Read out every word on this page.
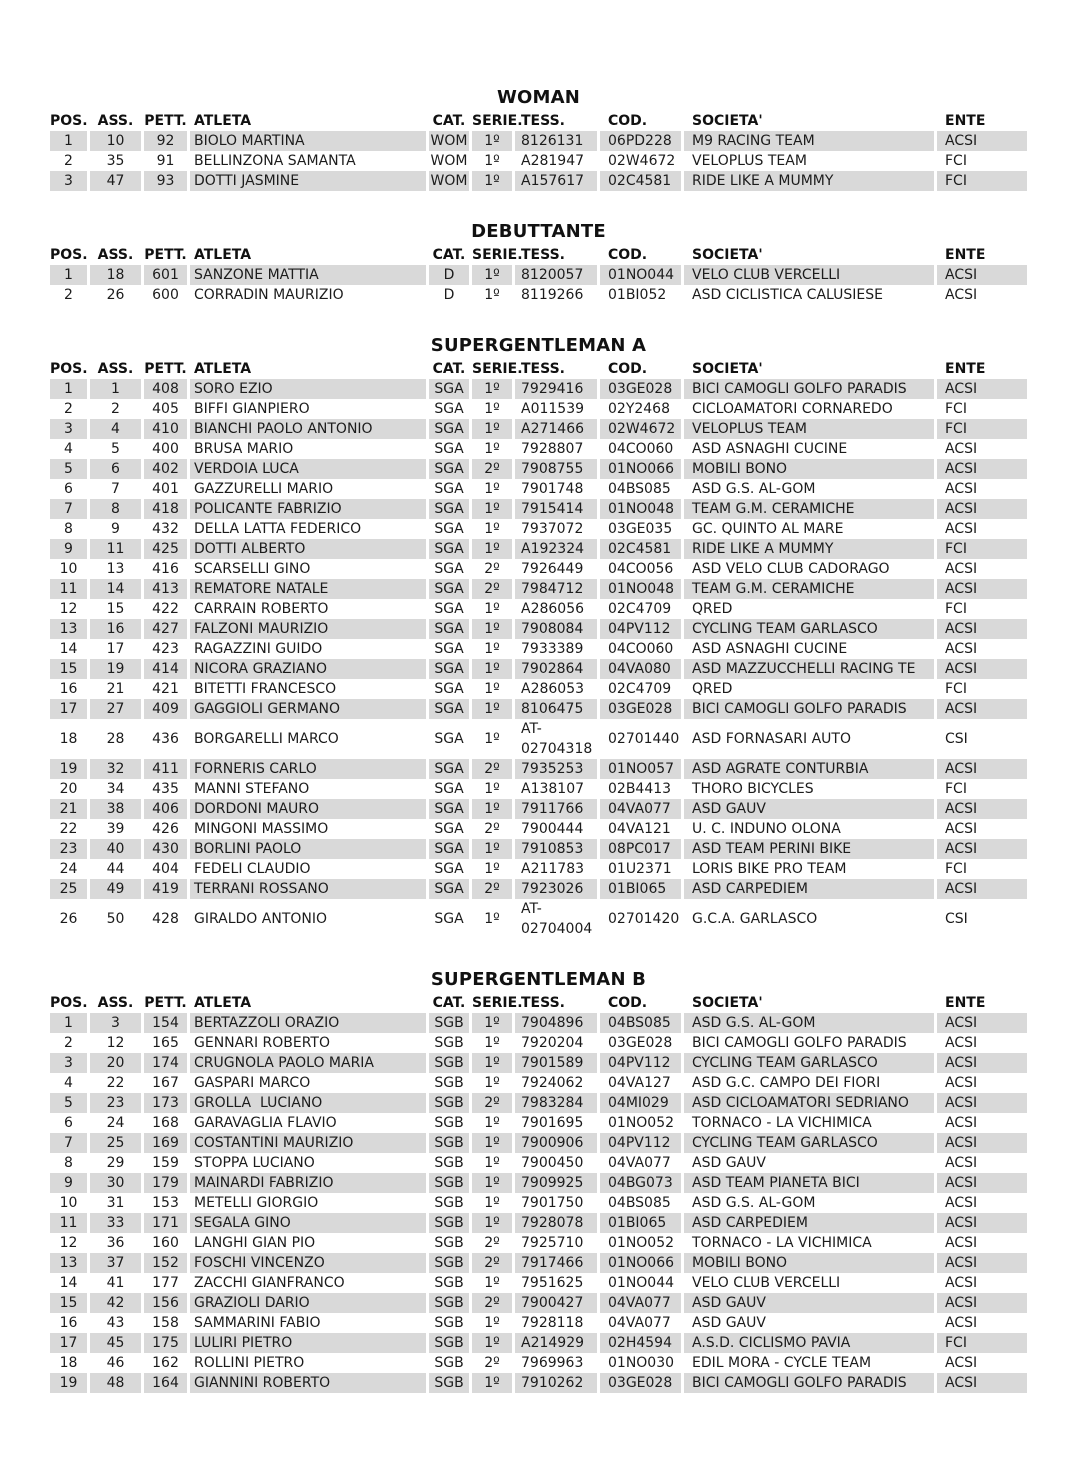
WOMAN
POS.	ASS.	PETT.	ATLETA	CAT.	SERIE.	TESS.	COD.	SOCIETA'	ENTE
1	10	92	BIOLO MARTINA	WOM	1º	8126131	06PD228	M9 RACING TEAM	ACSI
2	35	91	BELLINZONA SAMANTA	WOM	1º	A281947	02W4672	VELOPLUS TEAM	FCI
3	47	93	DOTTI JASMINE	WOM	1º	A157617	02C4581	RIDE LIKE A MUMMY	FCI
DEBUTTANTE
POS.	ASS.	PETT.	ATLETA	CAT.	SERIE.	TESS.	COD.	SOCIETA'	ENTE
1	18	601	SANZONE MATTIA	D	1º	8120057	01NO044	VELO CLUB VERCELLI	ACSI
2	26	600	CORRADIN MAURIZIO	D	1º	8119266	01BI052	ASD CICLISTICA CALUSIESE	ACSI
SUPERGENTLEMAN A
POS.	ASS.	PETT.	ATLETA	CAT.	SERIE.	TESS.	COD.	SOCIETA'	ENTE
1	1	408	SORO EZIO	SGA	1º	7929416	03GE028	BICI CAMOGLI GOLFO PARADIS	ACSI
2	2	405	BIFFI GIANPIERO	SGA	1º	A011539	02Y2468	CICLOAMATORI CORNAREDO	FCI
3	4	410	BIANCHI PAOLO ANTONIO	SGA	1º	A271466	02W4672	VELOPLUS TEAM	FCI
4	5	400	BRUSA MARIO	SGA	1º	7928807	04CO060	ASD ASNAGHI CUCINE	ACSI
5	6	402	VERDOIA LUCA	SGA	2º	7908755	01NO066	MOBILI BONO	ACSI
6	7	401	GAZZURELLI MARIO	SGA	1º	7901748	04BS085	ASD G.S. AL-GOM	ACSI
7	8	418	POLICANTE FABRIZIO	SGA	1º	7915414	01NO048	TEAM G.M. CERAMICHE	ACSI
8	9	432	DELLA LATTA FEDERICO	SGA	1º	7937072	03GE035	GC. QUINTO AL MARE	ACSI
9	11	425	DOTTI ALBERTO	SGA	1º	A192324	02C4581	RIDE LIKE A MUMMY	FCI
10	13	416	SCARSELLI GINO	SGA	2º	7926449	04CO056	ASD VELO CLUB CADORAGO	ACSI
11	14	413	REMATORE NATALE	SGA	2º	7984712	01NO048	TEAM G.M. CERAMICHE	ACSI
12	15	422	CARRAIN ROBERTO	SGA	1º	A286056	02C4709	QRED	FCI
13	16	427	FALZONI MAURIZIO	SGA	1º	7908084	04PV112	CYCLING TEAM GARLASCO	ACSI
14	17	423	RAGAZZINI GUIDO	SGA	1º	7933389	04CO060	ASD ASNAGHI CUCINE	ACSI
15	19	414	NICORA GRAZIANO	SGA	1º	7902864	04VA080	ASD MAZZUCCHELLI RACING TE	ACSI
16	21	421	BITETTI FRANCESCO	SGA	1º	A286053	02C4709	QRED	FCI
17	27	409	GAGGIOLI GERMANO	SGA	1º	8106475	03GE028	BICI CAMOGLI GOLFO PARADIS	ACSI
18	28	436	BORGARELLI MARCO	SGA	1º	AT-02704318	02701440	ASD FORNASARI AUTO	CSI
19	32	411	FORNERIS CARLO	SGA	2º	7935253	01NO057	ASD AGRATE CONTURBIA	ACSI
20	34	435	MANNI STEFANO	SGA	1º	A138107	02B4413	THORO BICYCLES	FCI
21	38	406	DORDONI MAURO	SGA	1º	7911766	04VA077	ASD GAUV	ACSI
22	39	426	MINGONI MASSIMO	SGA	2º	7900444	04VA121	U. C. INDUNO OLONA	ACSI
23	40	430	BORLINI PAOLO	SGA	1º	7910853	08PC017	ASD TEAM PERINI BIKE	ACSI
24	44	404	FEDELI CLAUDIO	SGA	1º	A211783	01U2371	LORIS BIKE PRO TEAM	FCI
25	49	419	TERRANI ROSSANO	SGA	2º	7923026	01BI065	ASD CARPEDIEM	ACSI
26	50	428	GIRALDO ANTONIO	SGA	1º	AT-02704004	02701420	G.C.A. GARLASCO	CSI
SUPERGENTLEMAN B
POS.	ASS.	PETT.	ATLETA	CAT.	SERIE.	TESS.	COD.	SOCIETA'	ENTE
1	3	154	BERTAZZOLI ORAZIO	SGB	1º	7904896	04BS085	ASD G.S. AL-GOM	ACSI
2	12	165	GENNARI ROBERTO	SGB	1º	7920204	03GE028	BICI CAMOGLI GOLFO PARADIS	ACSI
3	20	174	CRUGNOLA PAOLO MARIA	SGB	1º	7901589	04PV112	CYCLING TEAM GARLASCO	ACSI
4	22	167	GASPARI MARCO	SGB	1º	7924062	04VA127	ASD G.C. CAMPO DEI FIORI	ACSI
5	23	173	GROLLA  LUCIANO	SGB	2º	7983284	04MI029	ASD CICLOAMATORI SEDRIANO	ACSI
6	24	168	GARAVAGLIA FLAVIO	SGB	1º	7901695	01NO052	TORNACO - LA VICHIMICA	ACSI
7	25	169	COSTANTINI MAURIZIO	SGB	1º	7900906	04PV112	CYCLING TEAM GARLASCO	ACSI
8	29	159	STOPPA LUCIANO	SGB	1º	7900450	04VA077	ASD GAUV	ACSI
9	30	179	MAINARDI FABRIZIO	SGB	1º	7909925	04BG073	ASD TEAM PIANETA BICI	ACSI
10	31	153	METELLI GIORGIO	SGB	1º	7901750	04BS085	ASD G.S. AL-GOM	ACSI
11	33	171	SEGALA GINO	SGB	1º	7928078	01BI065	ASD CARPEDIEM	ACSI
12	36	160	LANGHI GIAN PIO	SGB	2º	7925710	01NO052	TORNACO - LA VICHIMICA	ACSI
13	37	152	FOSCHI VINCENZO	SGB	2º	7917466	01NO066	MOBILI BONO	ACSI
14	41	177	ZACCHI GIANFRANCO	SGB	1º	7951625	01NO044	VELO CLUB VERCELLI	ACSI
15	42	156	GRAZIOLI DARIO	SGB	2º	7900427	04VA077	ASD GAUV	ACSI
16	43	158	SAMMARINI FABIO	SGB	1º	7928118	04VA077	ASD GAUV	ACSI
17	45	175	LULIRI PIETRO	SGB	1º	A214929	02H4594	A.S.D. CICLISMO PAVIA	FCI
18	46	162	ROLLINI PIETRO	SGB	2º	7969963	01NO030	EDIL MORA - CYCLE TEAM	ACSI
19	48	164	GIANNINI ROBERTO	SGB	1º	7910262	03GE028	BICI CAMOGLI GOLFO PARADIS	ACSI
